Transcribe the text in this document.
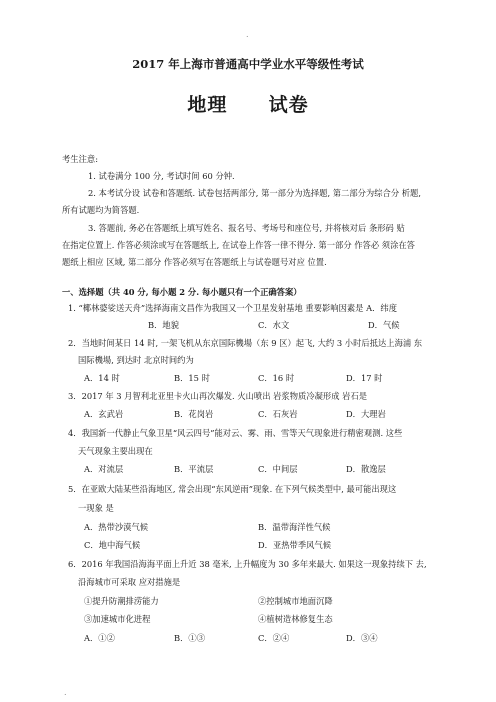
.
2017 年上海市普通高中学业水平等级性考试
地理 试卷
考生注意:
1. 试卷满分 100 分, 考试时间 60 分钟.
2. 本考试分设 试卷和答题纸. 试卷包括两部分, 第一部分为选择题, 第二部分为综合分 析题,
所有试题均为简答题.
3. 答题前, 务必在答题纸上填写姓名、报名号、考场号和座位号, 并将核对后 条形码 贴
在指定位置上. 作答必须涂或写在答题纸上, 在试卷上作答一律不得分. 第一部分 作答必 须涂在答
题纸上相应 区域, 第二部分 作答必须写在答题纸上与试卷题号对应 位置.
一、选择题（共 40 分, 每小题 2 分. 每小题只有一个正确答案）
1. “椰林婆娑送天舟”选择海南文昌作为我国又一个卫星发射基地 重要影响因素是 A．纬度
B．地貌	C．水文	D．气候
2．当地时间某日 14 时, 一架飞机从东京国际機場（东 9 区）起飞, 大约 3 小时后抵达上海浦 东
国际機場, 到达时 北京时间约为
A．14 时	B．15 时	C．16 时	D．17 时
3．2017 年 3 月智利北亚里卡火山再次爆发. 火山喷出 岩浆物质冷凝形成 岩石是
A．玄武岩	B．花岗岩	C．石灰岩	D．大理岩
4．我国新一代静止气象卫星“风云四号”能对云、雾、雨、雪等天气现象进行精密观测. 这些
天气现象主要出现在
A．对流层	B．平流层	C．中间层	D．散逸层
5．在亚欧大陆某些沿海地区, 常会出现“东风逆雨”现象. 在下列气候类型中, 最可能出现这
一现象 是
A．热带沙漠气候	B．温带海洋性气候
C．地中海气候	D．亚热带季风气候
6．2016 年我国沿海海平面上升近 38 毫米, 上升幅度为 30 多年来最大. 如果这一现象持续下 去,
沿海城市可采取 应对措施是
①提升防潮排涝能力	②控制城市地面沉降
③加速城市化进程	④植树造林修复生态
A．①②	B．①③	C．②④	D．③④
.
